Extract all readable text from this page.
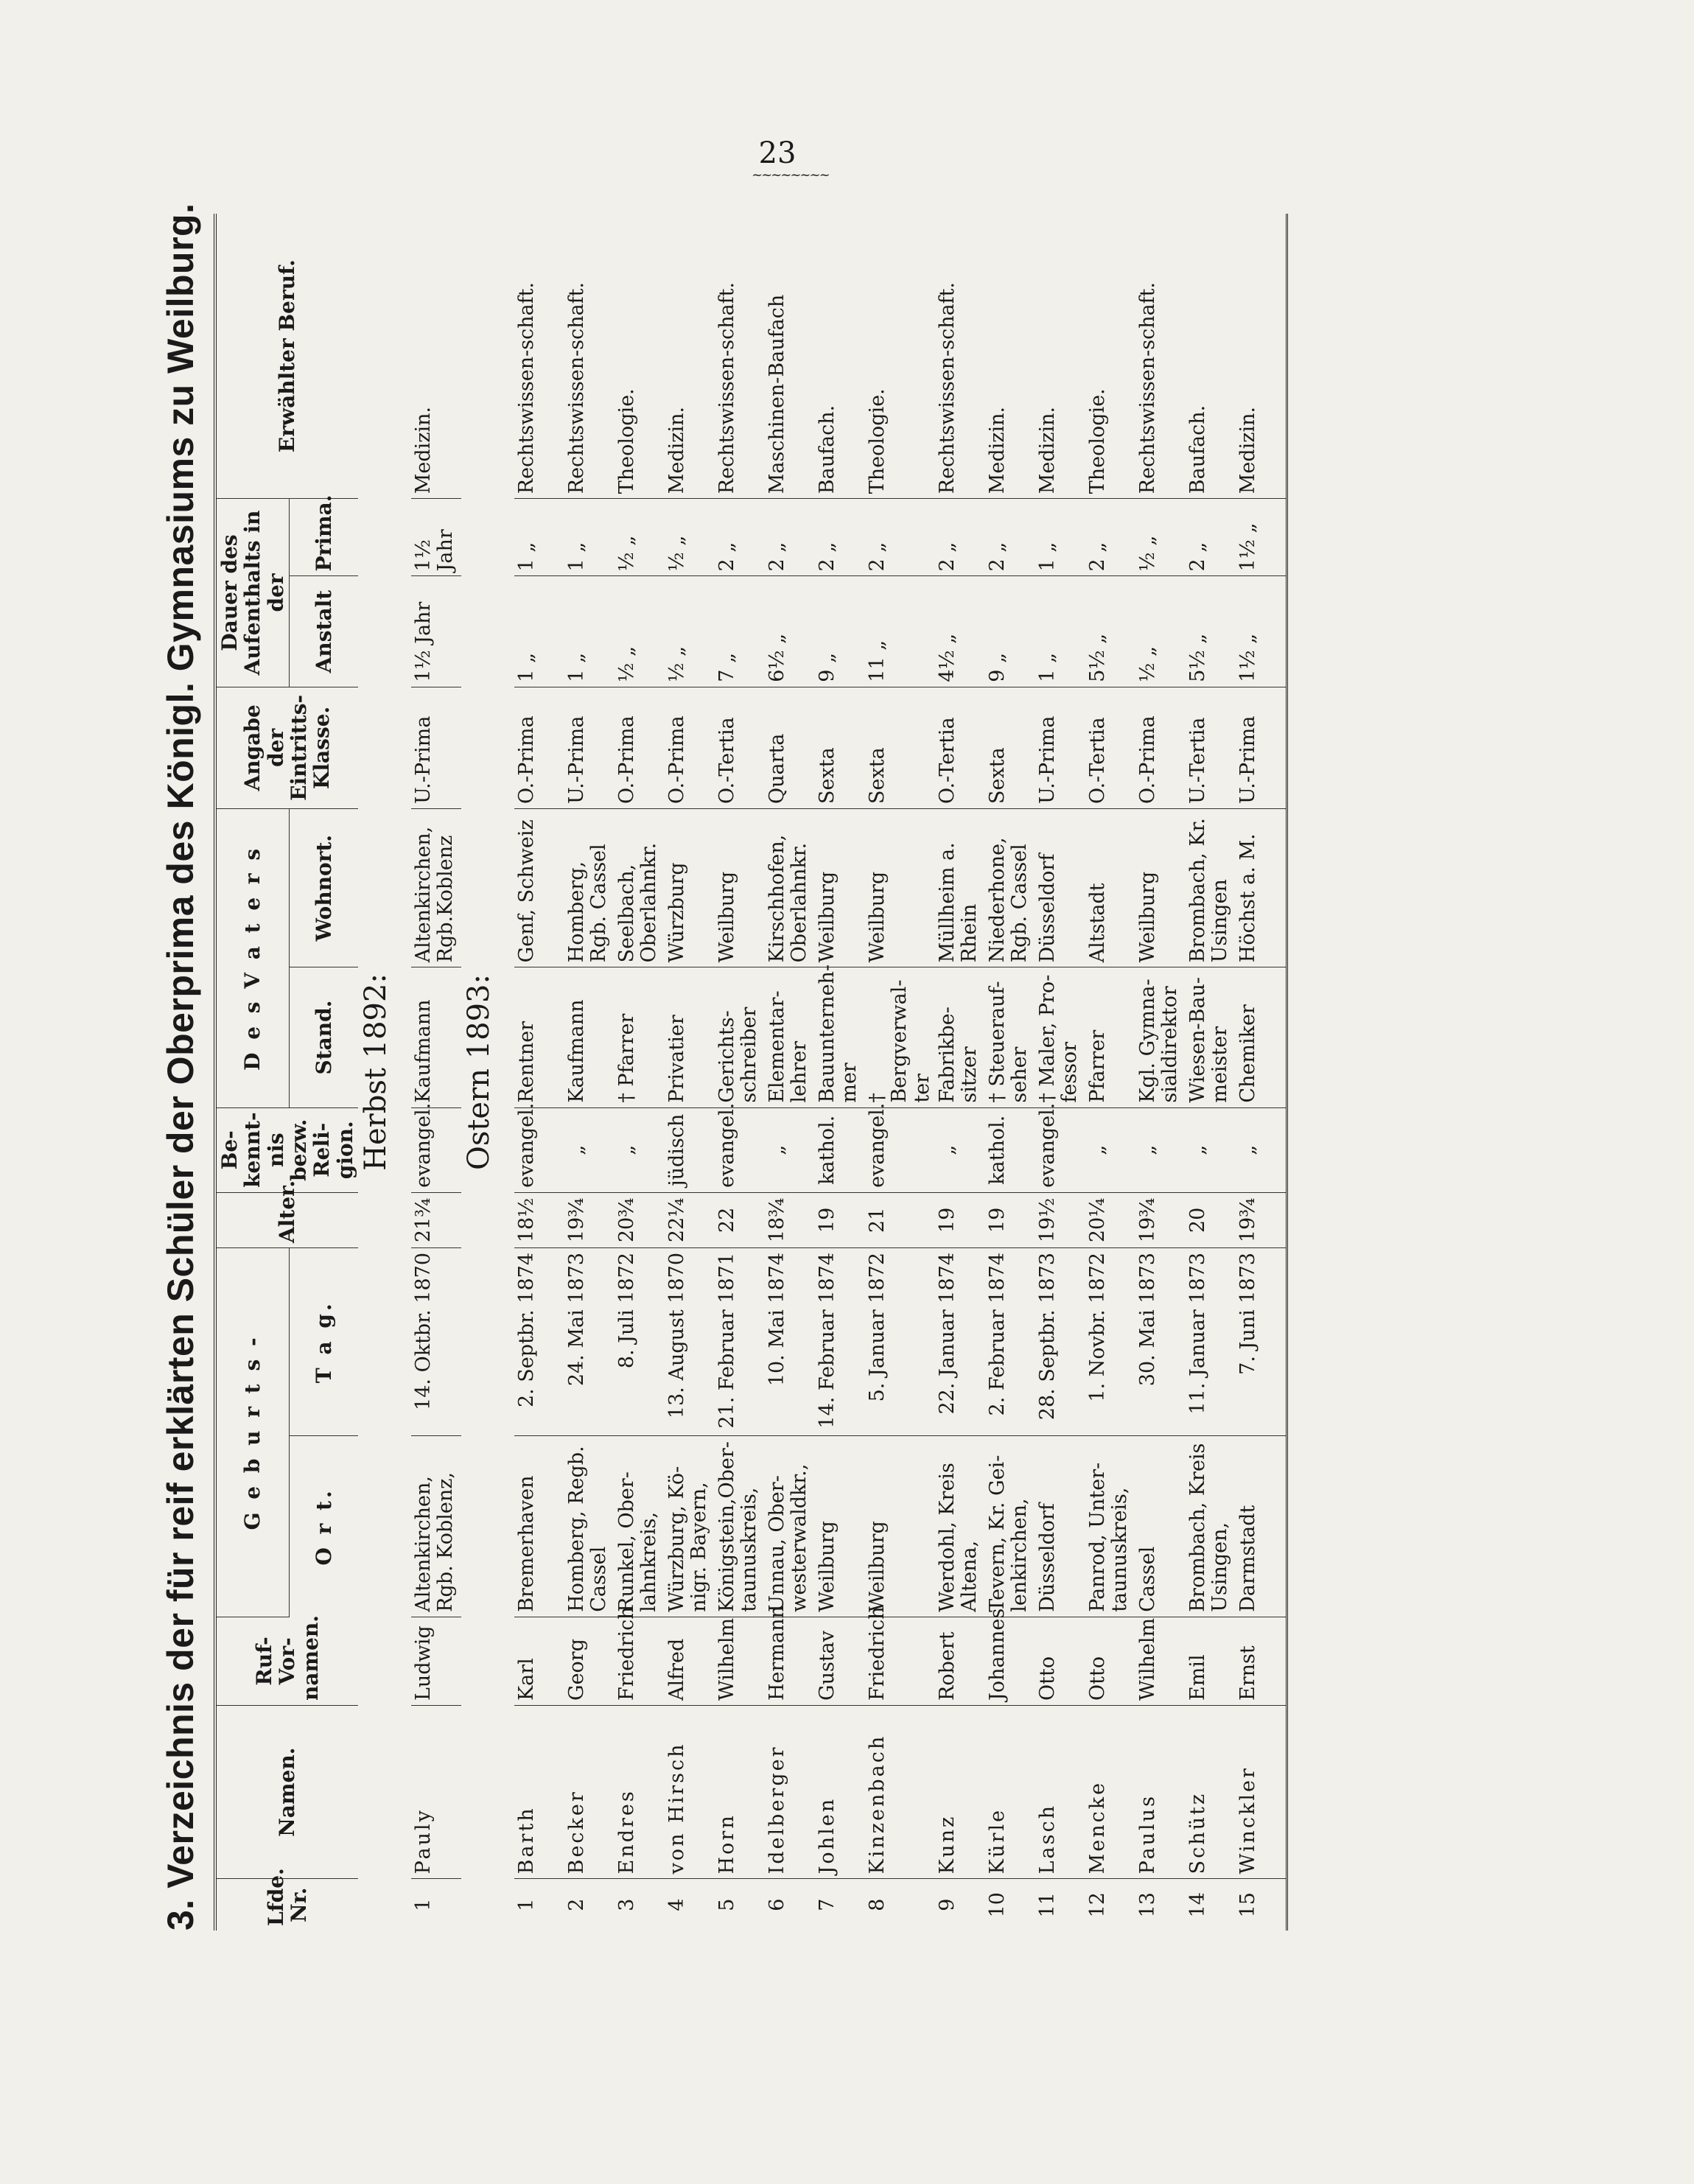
23
~~~~~~~~
3. Verzeichnis der für reif erklärten Schüler der Oberprima des Königl. Gymnasiums zu Weilburg.	Lfde. Nr.	Namen.	Ruf-Vor-namen.	G e b u r t s -		Alter.	Be-kennt-nis bezw. Reli-gion.	D e s V a t e r s		Angabe der Eintritts-Klasse.	Dauer des Aufenthalts in der		Erwählter Beruf.
			O r t.	T a g.			Stand.	Wohnort.		Anstalt	Prima.	

Herbst 1892:												
1	Pauly	Ludwig	Altenkirchen, Rgb. Koblenz,	14. Oktbr. 1870	21¾	evangel.	Kaufmann	Altenkirchen, Rgb.Koblenz	U.-Prima	1½ Jahr	1½ Jahr	Medizin.
Ostern 1893:												
1	Barth	Karl	Bremerhaven	2. Septbr. 1874	18½	evangel.	Rentner	Genf, Schweiz	O.-Prima	1 „	1 „	Rechtswissen-schaft.
2	Becker	Georg	Homberg, Regb. Cassel	24. Mai 1873	19¾	„	Kaufmann	Homberg, Rgb. Cassel	U.-Prima	1 „	1 „	Rechtswissen-schaft.
3	Endres	Friedrich	Runkel, Ober-lahnkreis,	8. Juli 1872	20¾	„	† Pfarrer	Seelbach, Oberlahnkr.	O.-Prima	½ „	½ „	Theologie.
4	von Hirsch	Alfred	Würzburg, Kö-nigr. Bayern,	13. August 1870	22¼	jüdisch	Privatier	Würzburg	O.-Prima	½ „	½ „	Medizin.
5	Horn	Wilhelm	Königstein,Ober-taunuskreis,	21. Februar 1871	22	evangel.	Gerichts-schreiber	Weilburg	O.-Tertia	7 „	2 „	Rechtswissen-schaft.
6	Idelberger	Hermann	Unnau, Ober-westerwaldkr.,	10. Mai 1874	18¾	„	Elementar-lehrer	Kirschhofen, Oberlahnkr.	Quarta	6½ „	2 „	Maschinen-Baufach
7	Johlen	Gustav	Weilburg	14. Februar 1874	19	kathol.	Bauunterneh-mer	Weilburg	Sexta	9 „	2 „	Baufach.
8	Kinzenbach	Friedrich	Weilburg	5. Januar 1872	21	evangel.	† Bergverwal-ter	Weilburg	Sexta	11 „	2 „	Theologie.
9	Kunz	Robert	Werdohl, Kreis Altena,	22. Januar 1874	19	„	Fabrikbe-sitzer	Müllheim a. Rhein	O.-Tertia	4½ „	2 „	Rechtswissen-schaft.
10	Kürle	Johannes	Tevern, Kr. Gei-lenkirchen,	2. Februar 1874	19	kathol.	† Steuerauf-seher	Niederhone, Rgb. Cassel	Sexta	9 „	2 „	Medizin.
11	Lasch	Otto	Düsseldorf	28. Septbr. 1873	19½	evangel.	† Maler, Pro-fessor	Düsseldorf	U.-Prima	1 „	1 „	Medizin.
12	Mencke	Otto	Panrod, Unter-taunuskreis,	1. Novbr. 1872	20¼	„	Pfarrer	Altstadt	O.-Tertia	5½ „	2 „	Theologie.
13	Paulus	Wilhelm	Cassel	30. Mai 1873	19¾	„	Kgl. Gymna-sialdirektor	Weilburg	O.-Prima	½ „	½ „	Rechtswissen-schaft.
14	Schütz	Emil	Brombach, Kreis Usingen,	11. Januar 1873	20	„	Wiesen-Bau-meister	Brombach, Kr. Usingen	U.-Tertia	5½ „	2 „	Baufach.
15	Winckler	Ernst	Darmstadt	7. Juni 1873	19¾	„	Chemiker	Höchst a. M.	U.-Prima	1½ „	1½ „	Medizin.
